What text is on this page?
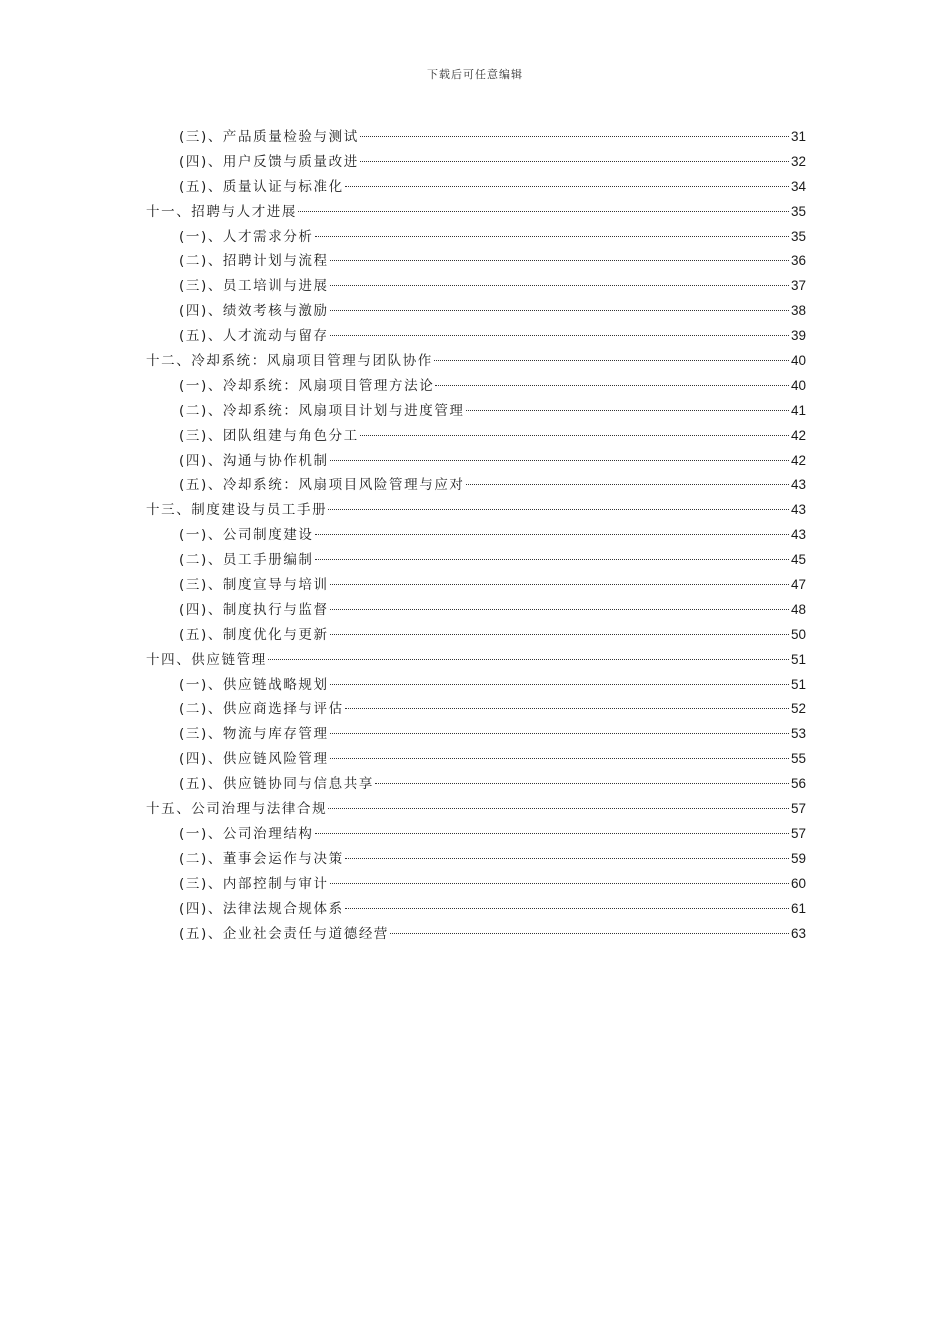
下载后可任意编辑
(三)、产品质量检验与测试	31
(四)、用户反馈与质量改进	32
(五)、质量认证与标准化	34
十一、招聘与人才进展	35
(一)、人才需求分析	35
(二)、招聘计划与流程	36
(三)、员工培训与进展	37
(四)、绩效考核与激励	38
(五)、人才流动与留存	39
十二、冷却系统：风扇项目管理与团队协作	40
(一)、冷却系统：风扇项目管理方法论	40
(二)、冷却系统：风扇项目计划与进度管理	41
(三)、团队组建与角色分工	42
(四)、沟通与协作机制	42
(五)、冷却系统：风扇项目风险管理与应对	43
十三、制度建设与员工手册	43
(一)、公司制度建设	43
(二)、员工手册编制	45
(三)、制度宣导与培训	47
(四)、制度执行与监督	48
(五)、制度优化与更新	50
十四、供应链管理	51
(一)、供应链战略规划	51
(二)、供应商选择与评估	52
(三)、物流与库存管理	53
(四)、供应链风险管理	55
(五)、供应链协同与信息共享	56
十五、公司治理与法律合规	57
(一)、公司治理结构	57
(二)、董事会运作与决策	59
(三)、内部控制与审计	60
(四)、法律法规合规体系	61
(五)、企业社会责任与道德经营	63
